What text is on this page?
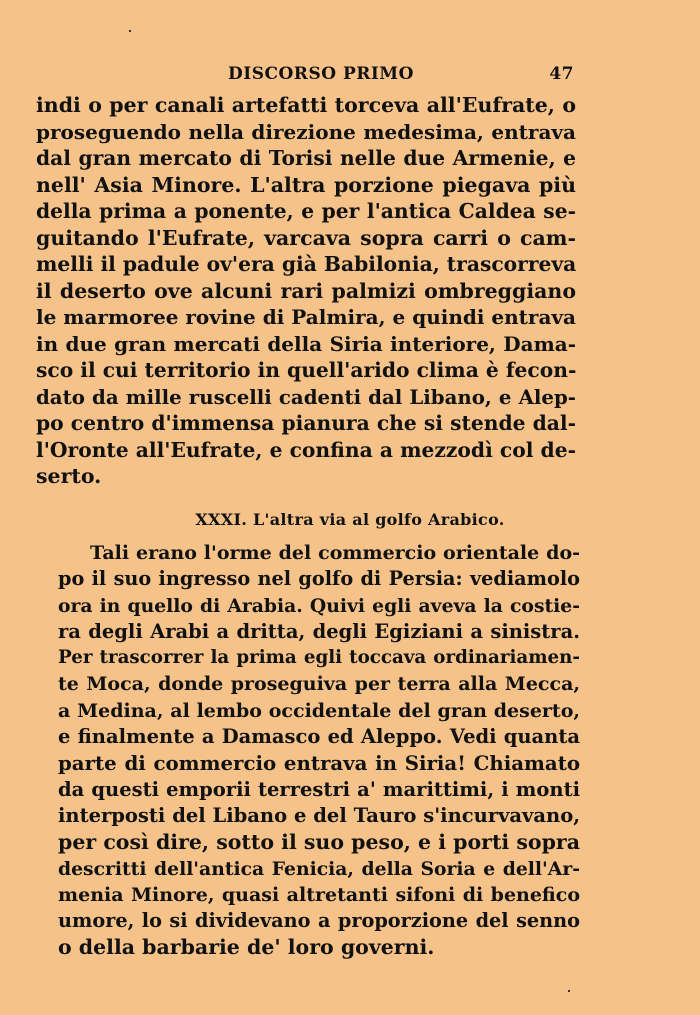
DISCORSO PRIMO	47
indi o per canali artefatti torceva all'Eufrate, o
proseguendo nella direzione medesima, entrava
dal gran mercato di Torisi nelle due Armenie, e
nell' Asia Minore. L'altra porzione piegava più
della prima a ponente, e per l'antica Caldea se-
guitando l'Eufrate, varcava sopra carri o cam-
melli il padule ov'era già Babilonia, trascorreva
il deserto ove alcuni rari palmizi ombreggiano
le marmoree rovine di Palmira, e quindi entrava
in due gran mercati della Siria interiore, Dama-
sco il cui territorio in quell'arido clima è fecon-
dato da mille ruscelli cadenti dal Libano, e Alep-
po centro d'immensa pianura che si stende dal-
l'Oronte all'Eufrate, e confina a mezzodì col de-
serto.
XXXI. L'altra via al golfo Arabico.
Tali erano l'orme del commercio orientale do-
po il suo ingresso nel golfo di Persia: vediamolo
ora in quello di Arabia. Quivi egli aveva la costie-
ra degli Arabi a dritta, degli Egiziani a sinistra.
Per trascorrer la prima egli toccava ordinariamen-
te Moca, donde proseguiva per terra alla Mecca,
a Medina, al lembo occidentale del gran deserto,
e finalmente a Damasco ed Aleppo. Vedi quanta
parte di commercio entrava in Siria! Chiamato
da questi emporii terrestri a' marittimi, i monti
interposti del Libano e del Tauro s'incurvavano,
per così dire, sotto il suo peso, e i porti sopra
descritti dell'antica Fenicia, della Soria e dell'Ar-
menia Minore, quasi altretanti sifoni di benefico
umore, lo si dividevano a proporzione del senno
o della barbarie de' loro governi.
